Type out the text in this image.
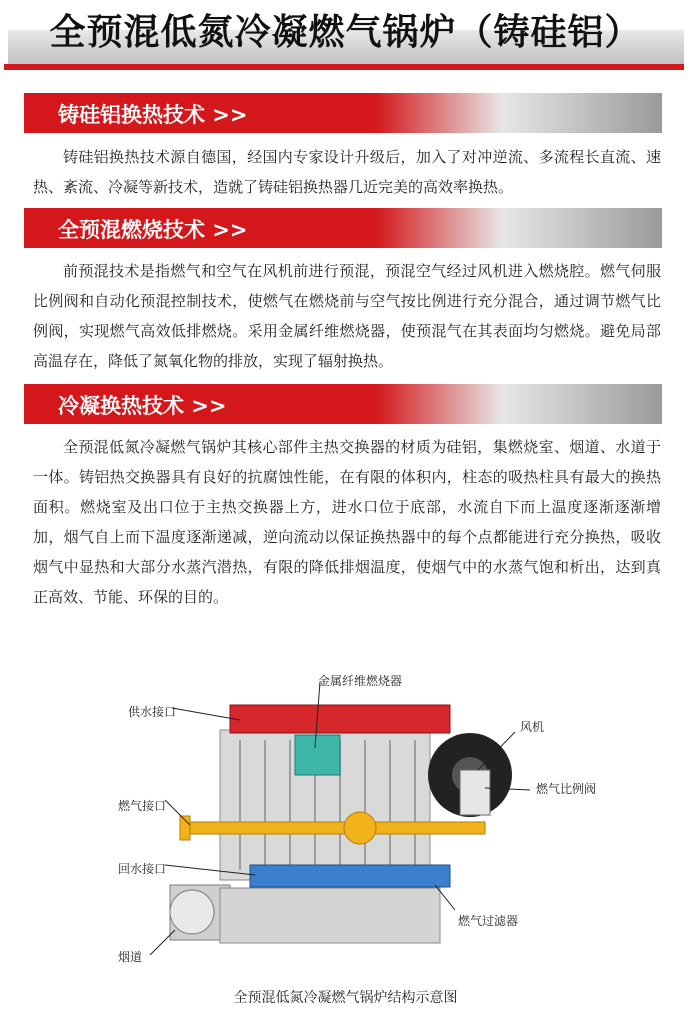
全预混低氮冷凝燃气锅炉（铸硅铝）
铸硅铝换热技术 >>

铸硅铝换热技术源自德国，经国内专家设计升级后，加入了对冲逆流、多流程长直流、速热、紊流、冷凝等新技术，造就了铸硅铝换热器几近完美的高效率换热。

全预混燃烧技术 >>

前预混技术是指燃气和空气在风机前进行预混，预混空气经过风机进入燃烧腔。燃气伺服比例阀和自动化预混控制技术，使燃气在燃烧前与空气按比例进行充分混合，通过调节燃气比例阀，实现燃气高效低排燃烧。采用金属纤维燃烧器，使预混气在其表面均匀燃烧。避免局部高温存在，降低了氮氧化物的排放，实现了辐射换热。

冷凝换热技术 >>

全预混低氮冷凝燃气锅炉其核心部件主热交换器的材质为硅铝，集燃烧室、烟道、水道于一体。铸铝热交换器具有良好的抗腐蚀性能，在有限的体积内，柱态的吸热柱具有最大的换热面积。燃烧室及出口位于主热交换器上方，进水口位于底部，水流自下而上温度逐渐逐渐增加，烟气自上而下温度逐渐递减，逆向流动以保证换热器中的每个点都能进行充分换热，吸收烟气中显热和大部分水蒸汽潜热，有限的降低排烟温度，使烟气中的水蒸气饱和析出，达到真正高效、节能、环保的目的。

金属纤维燃烧器
供水接口
风机
燃气比例阀
燃气接口
回水接口
燃气过滤器
烟道
全预混低氮冷凝燃气锅炉结构示意图
